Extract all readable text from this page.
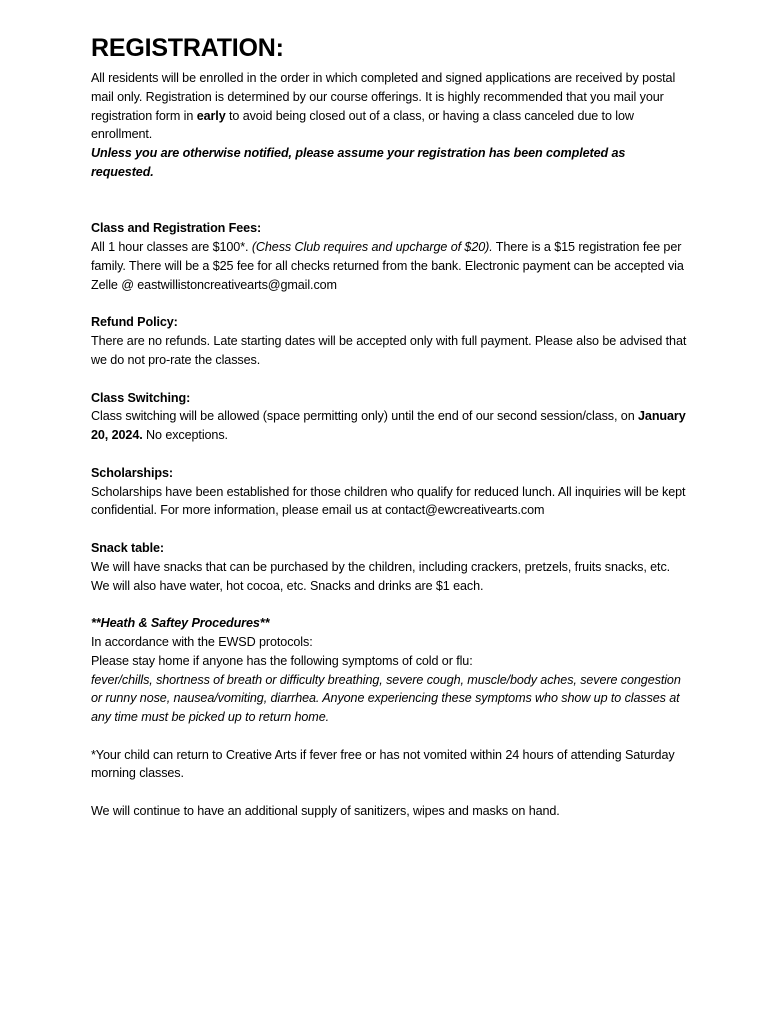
REGISTRATION:

All residents will be enrolled in the order in which completed and signed applications are received by postal mail only. Registration is determined by our course offerings. It is highly recommended that you mail your registration form in early to avoid being closed out of a class, or having a class canceled due to low enrollment.

Unless you are otherwise notified, please assume your registration has been completed as requested.

Class and Registration Fees:

All 1 hour classes are $100*. (Chess Club requires and upcharge of $20). There is a $15 registration fee per family. There will be a $25 fee for all checks returned from the bank. Electronic payment can be accepted via Zelle @ eastwillistoncreativearts@gmail.com

Refund Policy:

There are no refunds. Late starting dates will be accepted only with full payment. Please also be advised that we do not pro-rate the classes.

Class Switching:

Class switching will be allowed (space permitting only) until the end of our second session/class, on January 20, 2024. No exceptions.

Scholarships:

Scholarships have been established for those children who qualify for reduced lunch. All inquiries will be kept confidential. For more information, please email us at contact@ewcreativearts.com

Snack table:

We will have snacks that can be purchased by the children, including crackers, pretzels, fruits snacks, etc. We will also have water, hot cocoa, etc. Snacks and drinks are $1 each.

**Heath & Saftey Procedures**

In accordance with the EWSD protocols:

Please stay home if anyone has the following symptoms of cold or flu:

fever/chills, shortness of breath or difficulty breathing, severe cough, muscle/body aches, severe congestion or runny nose, nausea/vomiting, diarrhea. Anyone experiencing these symptoms who show up to classes at any time must be picked up to return home.

*Your child can return to Creative Arts if fever free or has not vomited within 24 hours of attending Saturday morning classes.

We will continue to have an additional supply of sanitizers, wipes and masks on hand.
